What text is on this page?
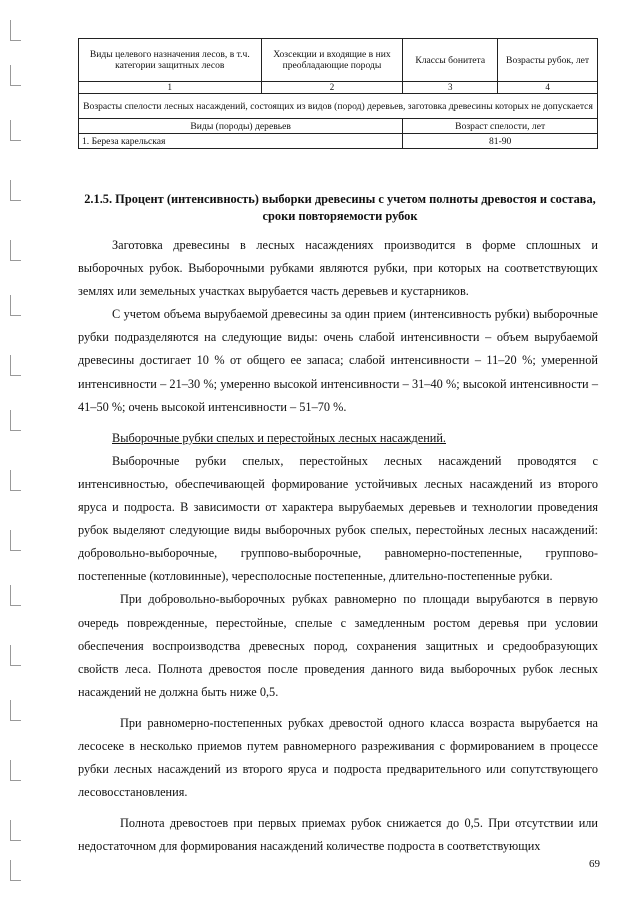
Виды целевого назначения лесов, в т.ч. категории защитных лесов	Хозсекции и входящие в них преобладающие породы	Классы бонитета	Возрасты рубок, лет
1	2	3	4
Возрасты спелости лесных насаждений, состоящих из видов (пород) деревьев, заготовка древесины которых не допускается			
Виды (породы) деревьев		Возраст спелости, лет	
1. Береза карельская		81-90	
2.1.5. Процент (интенсивность) выборки древесины с учетом полноты древостоя и состава, сроки повторяемости рубок

Заготовка древесины в лесных насаждениях производится в форме сплошных и выборочных рубок. Выборочными рубками являются рубки, при которых на соответствующих землях или земельных участках вырубается часть деревьев и кустарников.

С учетом объема вырубаемой древесины за один прием (интенсивность рубки) выборочные рубки подразделяются на следующие виды: очень слабой интенсивности – объем вырубаемой древесины достигает 10 % от общего ее запаса; слабой интенсивности – 11–20 %; умеренной интенсивности – 21–30 %; умеренно высокой интенсивности – 31–40 %; высокой интенсивности – 41–50 %; очень высокой интенсивности – 51–70 %.

Выборочные рубки спелых и перестойных лесных насаждений.

Выборочные рубки спелых, перестойных лесных насаждений проводятся с интенсивностью, обеспечивающей формирование устойчивых лесных насаждений из второго яруса и подроста. В зависимости от характера вырубаемых деревьев и технологии проведения рубок выделяют следующие виды выборочных рубок спелых, перестойных лесных насаждений: добровольно-выборочные, группово-выборочные, равномерно-постепенные, группово-постепенные (котловинные), чересполосные постепенные, длительно-постепенные рубки.

При добровольно-выборочных рубках равномерно по площади вырубаются в первую очередь поврежденные, перестойные, спелые с замедленным ростом деревья при условии обеспечения воспроизводства древесных пород, сохранения защитных и средообразующих свойств леса. Полнота древостоя после проведения данного вида выборочных рубок лесных насаждений не должна быть ниже 0,5.

При равномерно-постепенных рубках древостой одного класса возраста вырубается на лесосеке в несколько приемов путем равномерного разреживания с формированием в процессе рубки лесных насаждений из второго яруса и подроста предварительного или сопутствующего лесовосстановления.

Полнота древостоев при первых приемах рубок снижается до 0,5. При отсутствии или недостаточном для формирования насаждений количестве подроста в соответствующих

69
